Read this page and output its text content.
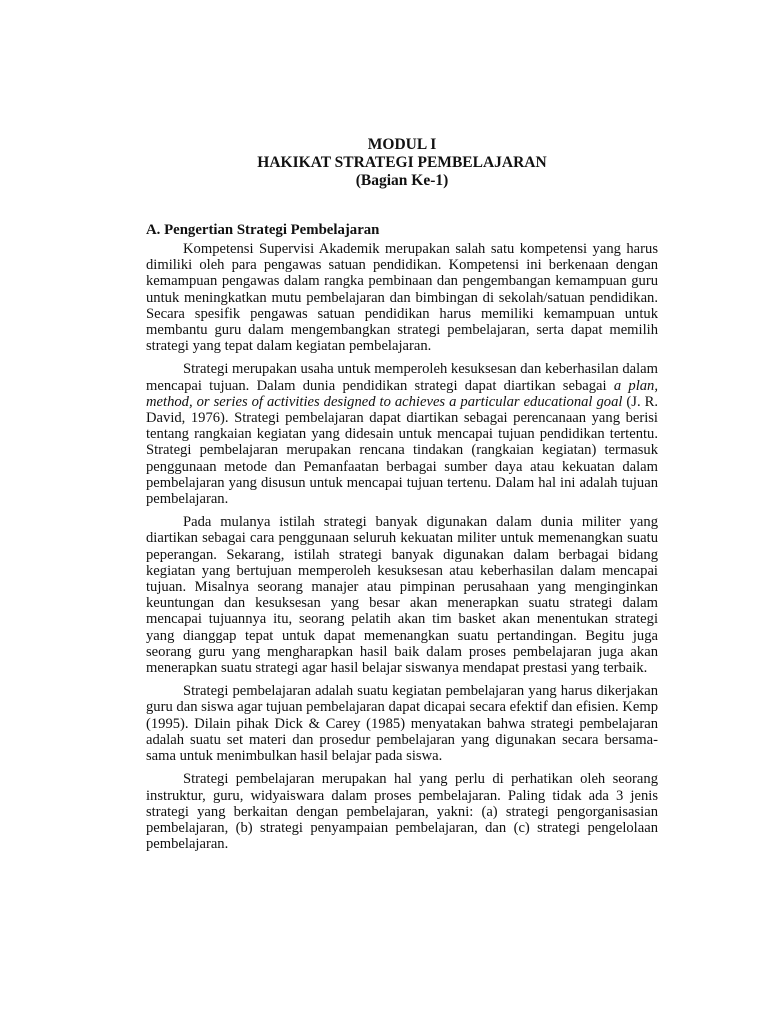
MODUL I
HAKIKAT STRATEGI PEMBELAJARAN
(Bagian Ke-1)
A. Pengertian Strategi Pembelajaran

Kompetensi Supervisi Akademik merupakan salah satu kompetensi yang harus dimiliki oleh para pengawas satuan pendidikan. Kompetensi ini berkenaan dengan kemampuan pengawas dalam rangka pembinaan dan pengembangan kemampuan guru untuk meningkatkan mutu pembelajaran dan bimbingan di sekolah/satuan pendidikan. Secara spesifik pengawas satuan pendidikan harus memiliki kemampuan untuk membantu guru dalam mengembangkan strategi pembelajaran, serta dapat memilih strategi yang tepat dalam kegiatan pembelajaran.

Strategi merupakan usaha untuk memperoleh kesuksesan dan keberhasilan dalam mencapai tujuan. Dalam dunia pendidikan strategi dapat diartikan sebagai a plan, method, or series of activities designed to achieves a particular educational goal (J. R. David, 1976). Strategi pembelajaran dapat diartikan sebagai perencanaan yang berisi tentang rangkaian kegiatan yang didesain untuk mencapai tujuan pendidikan tertentu. Strategi pembelajaran merupakan rencana tindakan (rangkaian kegiatan) termasuk penggunaan metode dan Pemanfaatan berbagai sumber daya atau kekuatan dalam pembelajaran yang disusun untuk mencapai tujuan tertenu. Dalam hal ini adalah tujuan pembelajaran.

Pada mulanya istilah strategi banyak digunakan dalam dunia militer yang diartikan sebagai cara penggunaan seluruh kekuatan militer untuk memenangkan suatu peperangan. Sekarang, istilah strategi banyak digunakan dalam berbagai bidang kegiatan yang bertujuan memperoleh kesuksesan atau keberhasilan dalam mencapai tujuan. Misalnya seorang manajer atau pimpinan perusahaan yang menginginkan keuntungan dan kesuksesan yang besar akan menerapkan suatu strategi dalam mencapai tujuannya itu, seorang pelatih akan tim basket akan menentukan strategi yang dianggap tepat untuk dapat memenangkan suatu pertandingan. Begitu juga seorang guru yang mengharapkan hasil baik dalam proses pembelajaran juga akan menerapkan suatu strategi agar hasil belajar siswanya mendapat prestasi yang terbaik.

Strategi pembelajaran adalah suatu kegiatan pembelajaran yang harus dikerjakan guru dan siswa agar tujuan pembelajaran dapat dicapai secara efektif dan efisien. Kemp (1995). Dilain pihak Dick & Carey (1985) menyatakan bahwa strategi pembelajaran adalah suatu set materi dan prosedur pembelajaran yang digunakan secara bersama-sama untuk menimbulkan hasil belajar pada siswa.

Strategi pembelajaran merupakan hal yang perlu di perhatikan oleh seorang instruktur, guru, widyaiswara dalam proses pembelajaran. Paling tidak ada 3 jenis strategi yang berkaitan dengan pembelajaran, yakni: (a) strategi pengorganisasian pembelajaran, (b) strategi penyampaian pembelajaran, dan (c) strategi pengelolaan pembelajaran.
